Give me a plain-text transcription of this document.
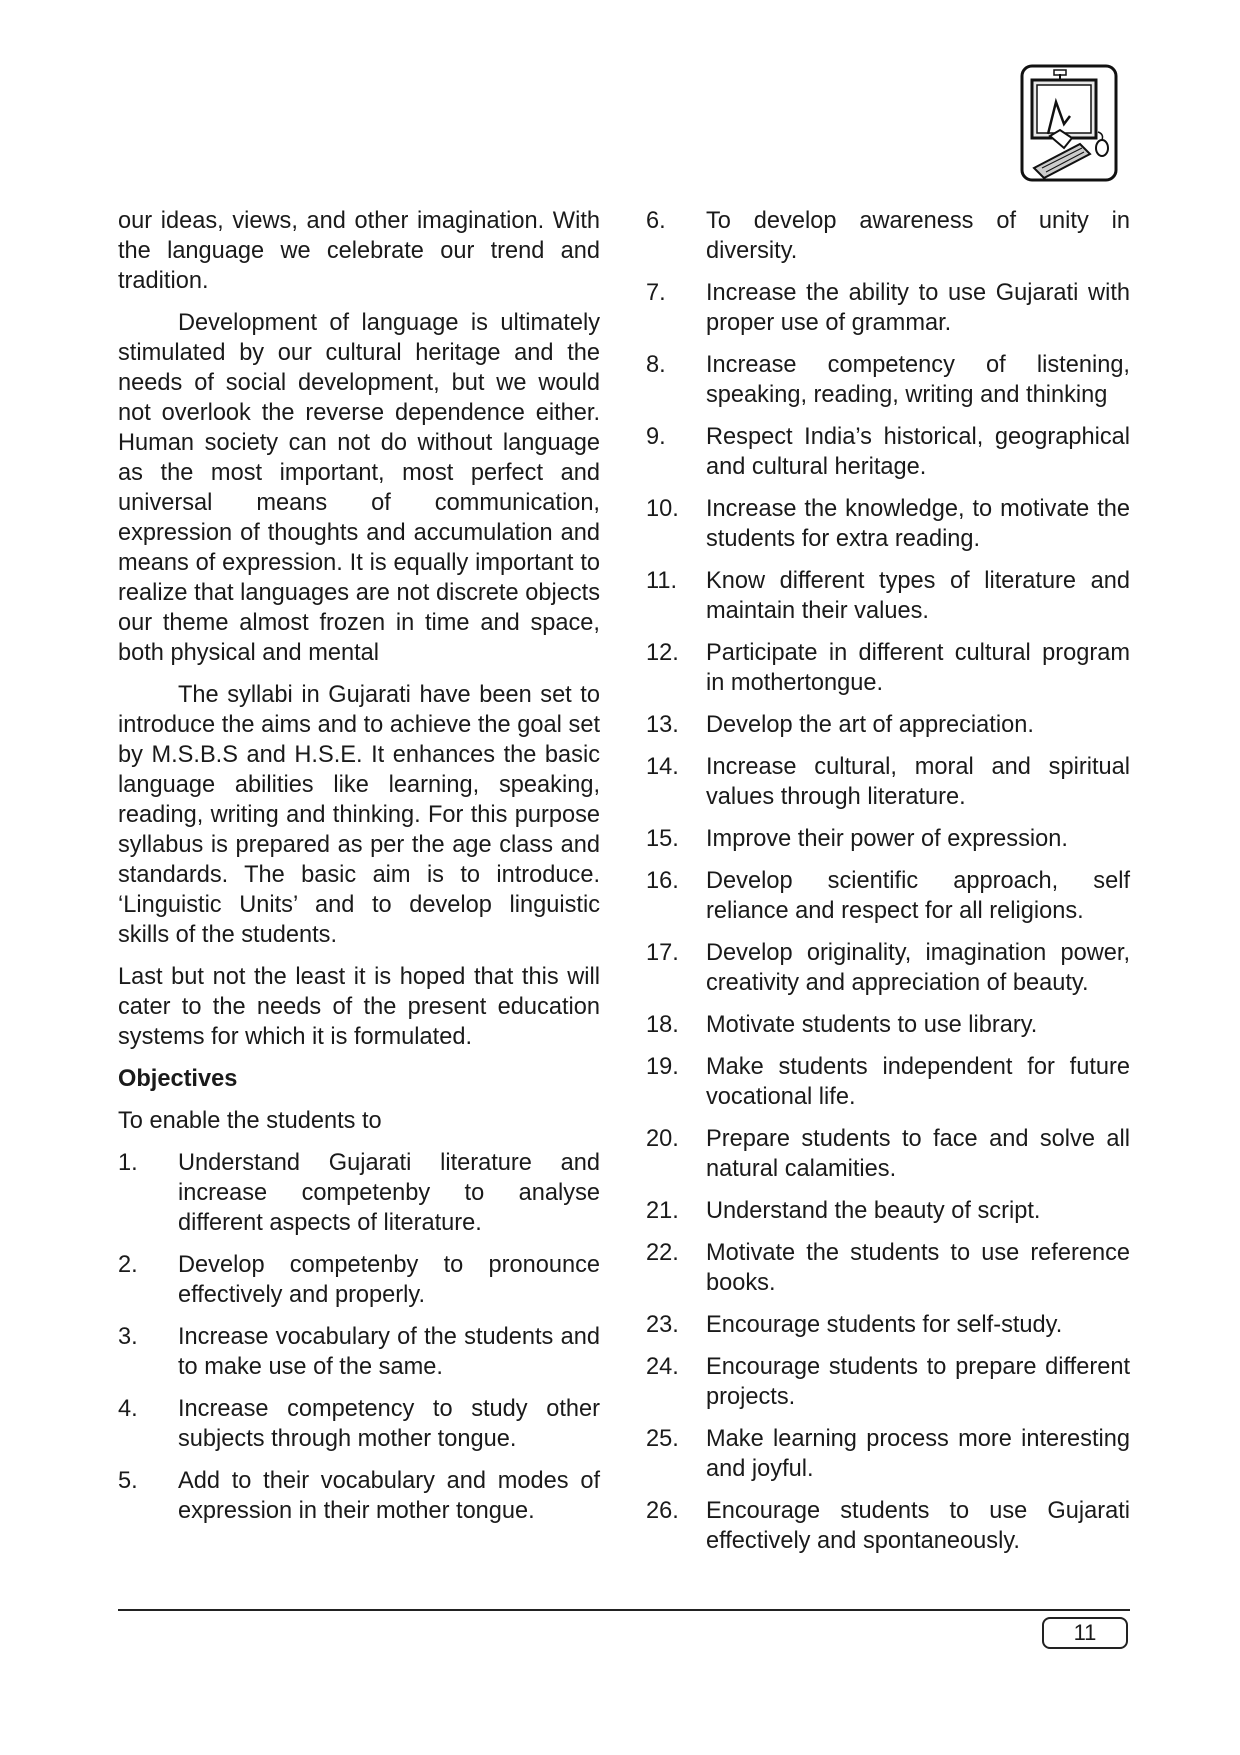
our ideas, views, and other imagination. With the language we celebrate our trend and tradition.

Development of language is ultimately stimulated by our cultural heritage and the needs of social development, but we would not overlook the reverse dependence either. Human society can not do without language as the most important, most perfect and universal means of communication, expression of thoughts and accumulation and means of expression. It is equally important to realize that languages are not discrete objects our theme almost frozen in time and space, both physical and mental

The syllabi in Gujarati have been set to introduce the aims and to achieve the goal set by M.S.B.S and H.S.E. It enhances the basic language abilities like learning, speaking, reading, writing and thinking. For this purpose syllabus is prepared as per the age class and standards. The basic aim is to introduce. ‘Linguistic Units’ and to develop linguistic skills of the students.

Last but not the least it is hoped that this will cater to the needs of the present education systems for which it is formulated.

Objectives

To enable the students to

1.	Understand Gujarati literature and increase competenby to analyse different aspects of literature.
2.	Develop competenby to pronounce effectively and properly.
3.	Increase vocabulary of the students and to make use of the same.
4.	Increase competency to study other subjects through mother tongue.
5.	Add to their vocabulary and modes of expression in their mother tongue.
6.	To develop awareness of unity in diversity.
7.	Increase the ability to use Gujarati with proper use of grammar.
8.	Increase competency of listening, speaking, reading, writing and thinking
9.	Respect India’s historical, geographical and cultural heritage.
10.	Increase the knowledge, to motivate the students for extra reading.
11.	Know different types of literature and maintain their values.
12.	Participate in different cultural program in mothertongue.
13.	Develop the art of appreciation.
14.	Increase cultural, moral and spiritual values through literature.
15.	Improve their power of expression.
16.	Develop scientific approach, self reliance and respect for all religions.
17.	Develop originality, imagination power, creativity and appreciation of beauty.
18.	Motivate students to use library.
19.	Make students independent for future vocational life.
20.	Prepare students to face and solve all natural calamities.
21.	Understand the beauty of script.
22.	Motivate the students to use reference books.
23.	Encourage students for self-study.
24.	Encourage students to prepare different projects.
25.	Make learning process more interesting and joyful.
26.	Encourage students to use Gujarati effectively and spontaneously.
11
